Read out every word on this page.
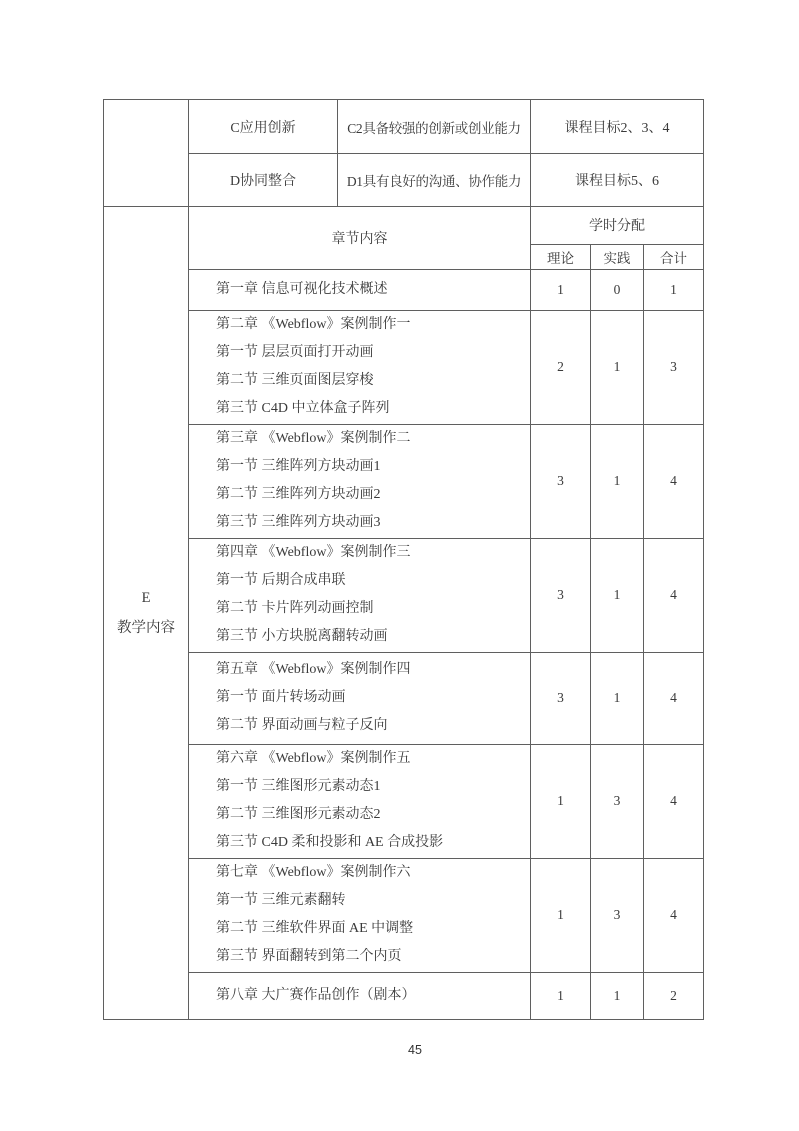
	C应用创新	C2具备较强的创新或创业能力	课程目标2、3、4
	D协同整合	D1具有良好的沟通、协作能力	课程目标5、6
E
教学内容	章节内容	学时分配		
		理论	实践	合计

	第一章 信息可视化技术概述	1	0	1

	第二章 《Webflow》案例制作一
第一节 层层页面打开动画
第二节 三维页面图层穿梭
第三节 C4D 中立体盒子阵列	2	1	3

	第三章 《Webflow》案例制作二
第一节 三维阵列方块动画1
第二节 三维阵列方块动画2
第三节 三维阵列方块动画3	3	1	4

	第四章 《Webflow》案例制作三
第一节 后期合成串联
第二节 卡片阵列动画控制
第三节 小方块脱离翻转动画	3	1	4

	第五章 《Webflow》案例制作四
第一节 面片转场动画
第二节 界面动画与粒子反向	3	1	4

	第六章 《Webflow》案例制作五
第一节 三维图形元素动态1
第二节 三维图形元素动态2
第三节 C4D 柔和投影和 AE 合成投影	1	3	4

	第七章 《Webflow》案例制作六
第一节 三维元素翻转
第二节 三维软件界面 AE 中调整
第三节 界面翻转到第二个内页	1	3	4

	第八章 大广赛作品创作（剧本）	1	1	2
45
